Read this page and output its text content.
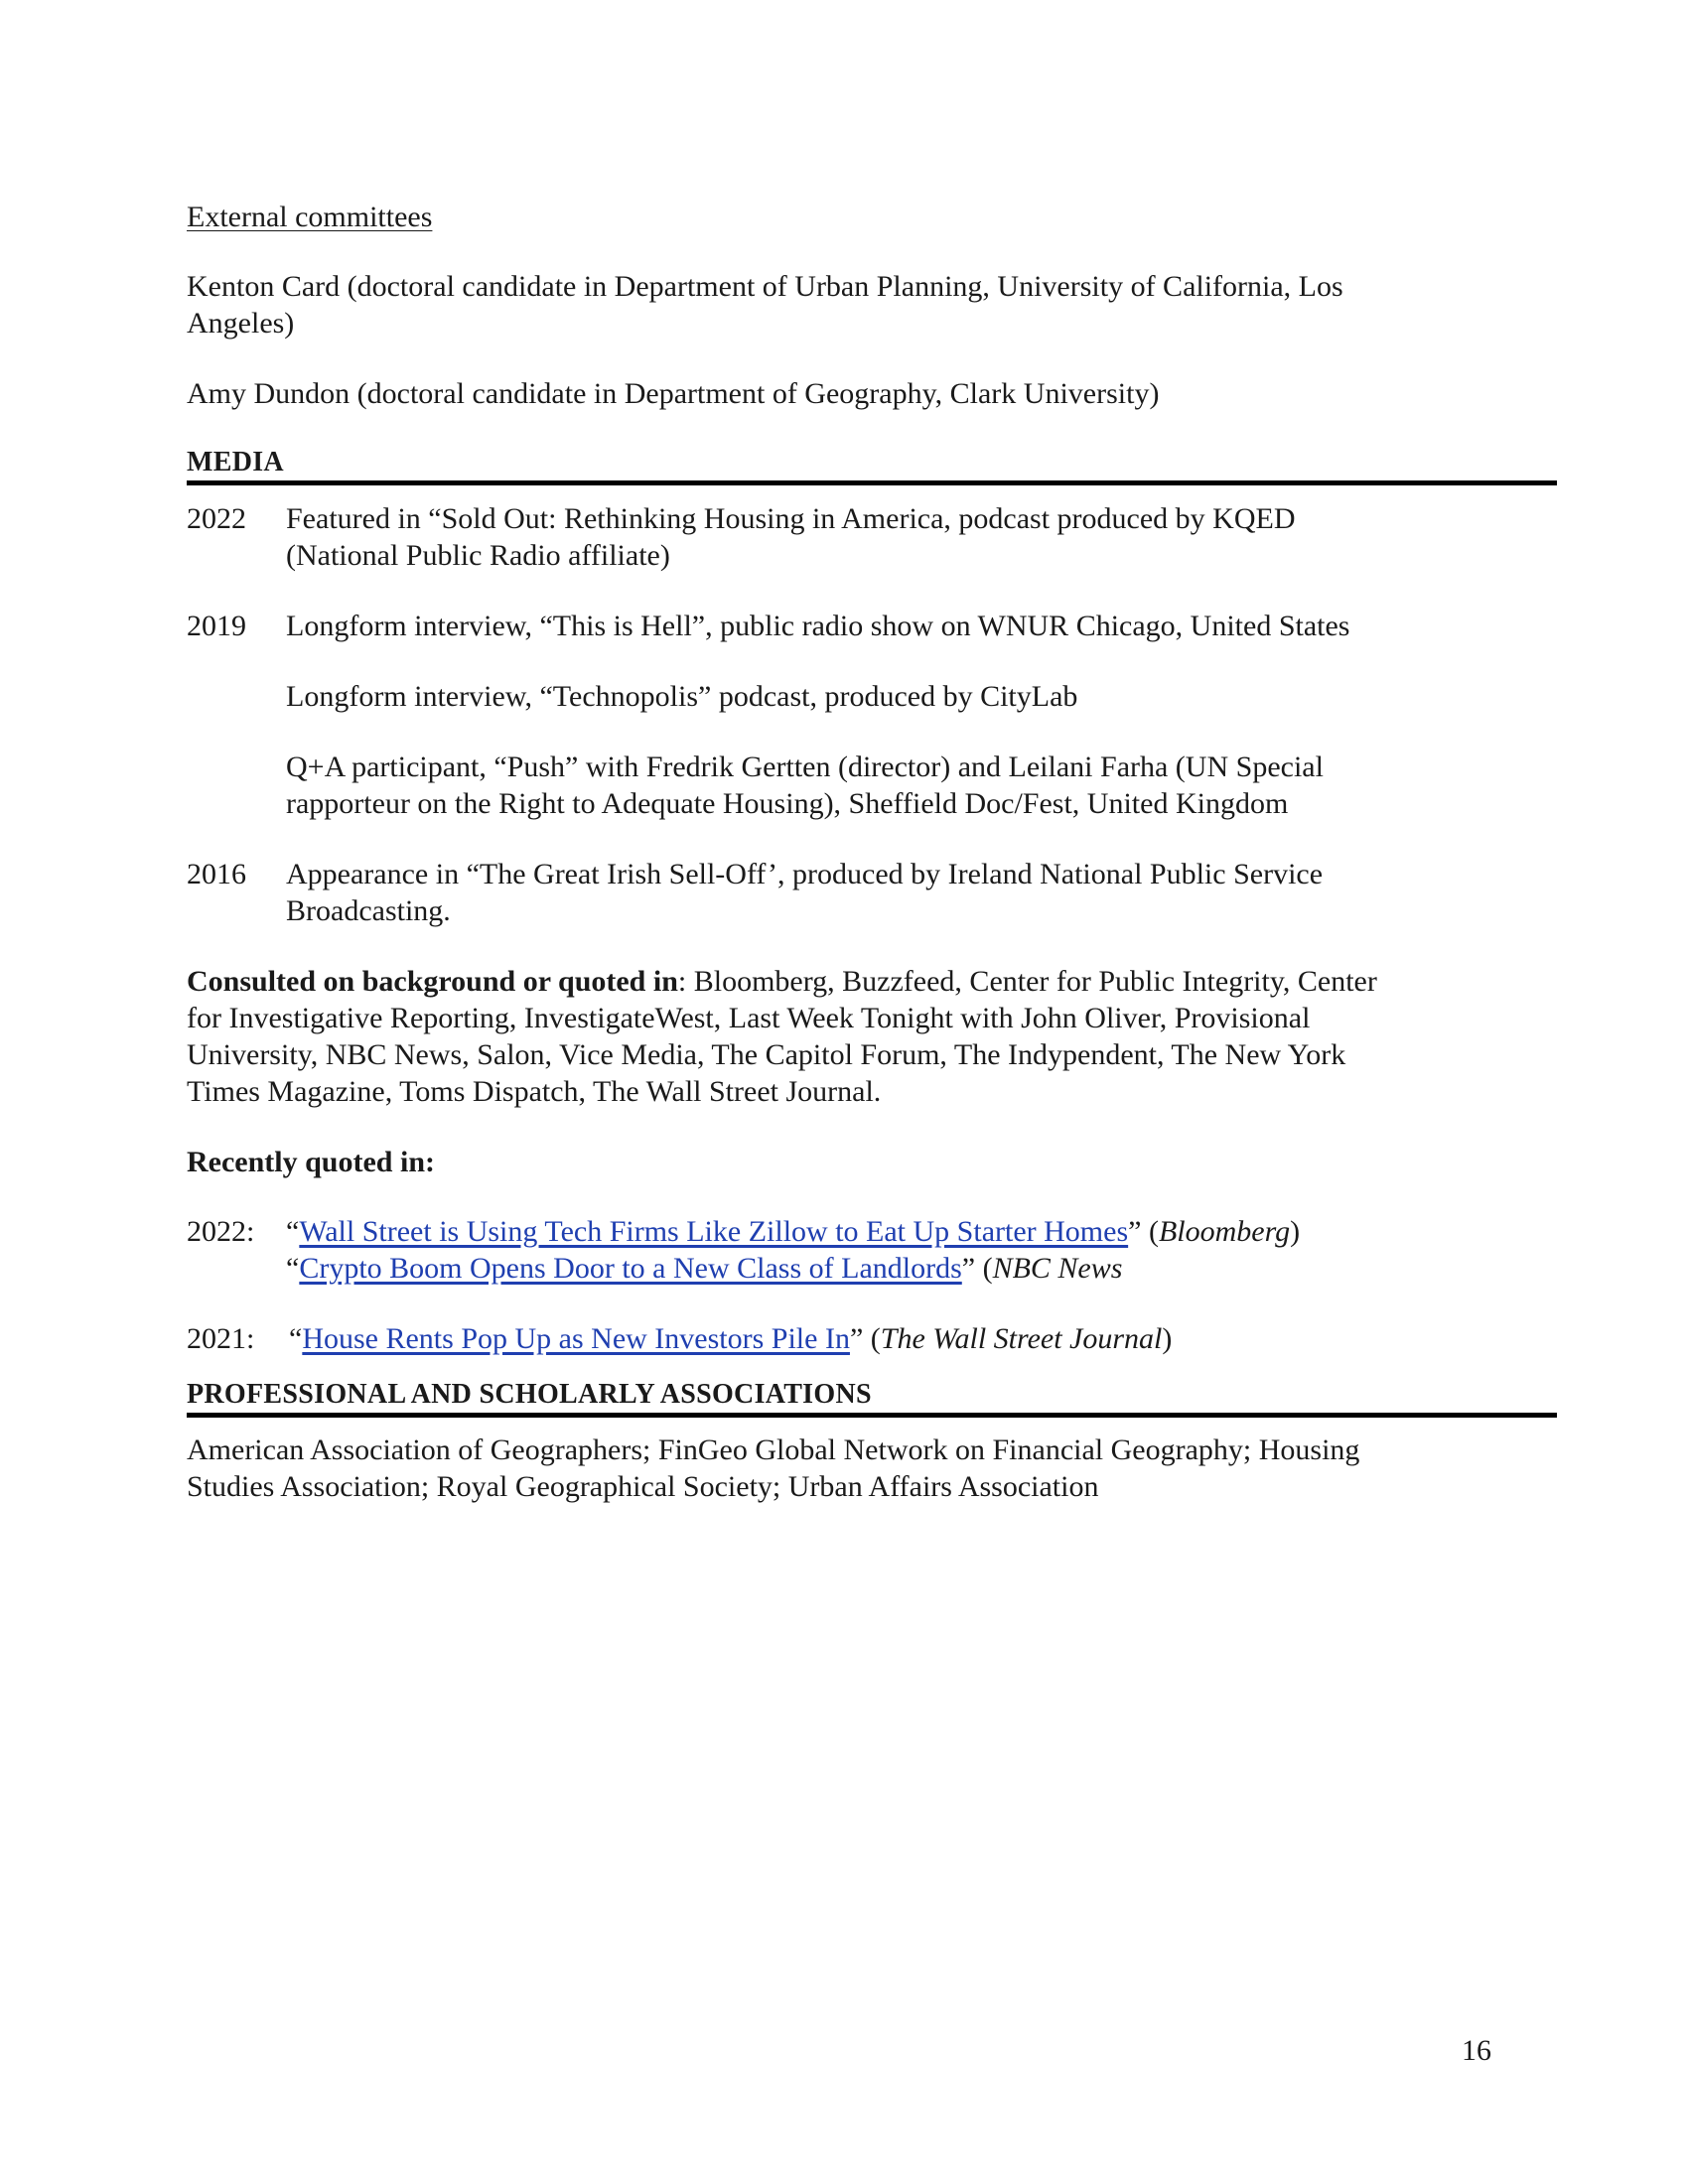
External committees
Kenton Card (doctoral candidate in Department of Urban Planning, University of California, Los
Angeles)
Amy Dundon (doctoral candidate in Department of Geography, Clark University)
MEDIA
2022 Featured in “Sold Out: Rethinking Housing in America, podcast produced by KQED
(National Public Radio affiliate)
2019 Longform interview, “This is Hell”, public radio show on WNUR Chicago, United States
Longform interview, “Technopolis” podcast, produced by CityLab
Q+A participant, “Push” with Fredrik Gertten (director) and Leilani Farha (UN Special
rapporteur on the Right to Adequate Housing), Sheffield Doc/Fest, United Kingdom
2016 Appearance in “The Great Irish Sell-Off’, produced by Ireland National Public Service
Broadcasting.
Consulted on background or quoted in: Bloomberg, Buzzfeed, Center for Public Integrity, Center
for Investigative Reporting, InvestigateWest, Last Week Tonight with John Oliver, Provisional
University, NBC News, Salon, Vice Media, The Capitol Forum, The Indypendent, The New York
Times Magazine, Toms Dispatch, The Wall Street Journal.
Recently quoted in:
2022: “Wall Street is Using Tech Firms Like Zillow to Eat Up Starter Homes” (Bloomberg)
“Crypto Boom Opens Door to a New Class of Landlords” (NBC News
2021: “House Rents Pop Up as New Investors Pile In” (The Wall Street Journal)
PROFESSIONAL AND SCHOLARLY ASSOCIATIONS
American Association of Geographers; FinGeo Global Network on Financial Geography; Housing
Studies Association; Royal Geographical Society; Urban Affairs Association
16
